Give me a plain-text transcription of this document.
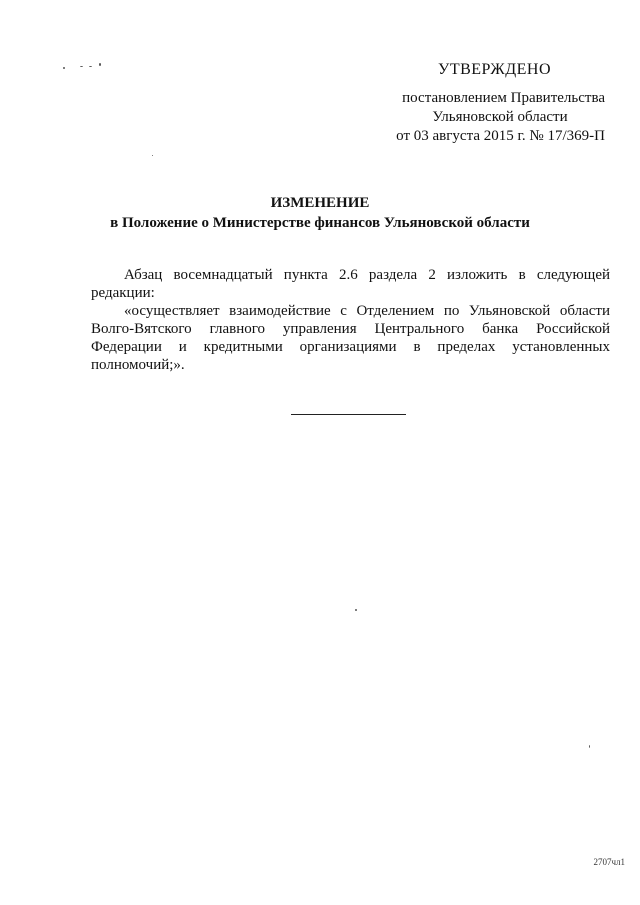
УТВЕРЖДЕНО
постановлением Правительства
Ульяновской области
от 03 августа 2015 г. № 17/369-П
ИЗМЕНЕНИЕ
в Положение о Министерстве финансов Ульяновской области

Абзац восемнадцатый пункта 2.6 раздела 2 изложить в следующей редакции:

«осуществляет взаимодействие с Отделением по Ульяновской области Волго-Вятского главного управления Центрального банка Российской Федерации и кредитными организациями в пределах установленных полномочий;».

2707чл1
